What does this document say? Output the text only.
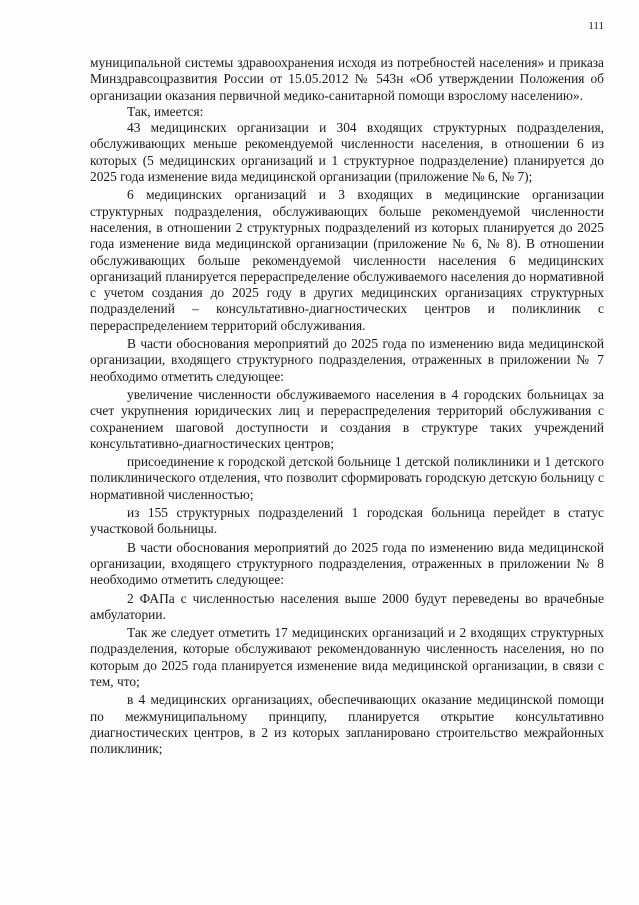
111

муниципальной системы здравоохранения исходя из потребностей населения» и приказа Минздравсоцразвития России от 15.05.2012 № 543н «Об утверждении Положения об организации оказания первичной медико-санитарной помощи взрослому населению».

Так, имеется:

43 медицинских организации и 304 входящих структурных подразделения, обслуживающих меньше рекомендуемой численности населения, в отношении 6 из которых (5 медицинских организаций и 1 структурное подразделение) планируется до 2025 года изменение вида медицинской организации (приложение № 6, № 7);

6 медицинских организаций и 3 входящих в медицинские организации структурных подразделения, обслуживающих больше рекомендуемой численности населения, в отношении 2 структурных подразделений из которых планируется до 2025 года изменение вида медицинской организации (приложение № 6, № 8). В отношении обслуживающих больше рекомендуемой численности населения 6 медицинских организаций планируется перераспределение обслуживаемого населения до нормативной с учетом создания до 2025 году в других медицинских организациях структурных подразделений – консультативно-диагностических центров и поликлиник с перераспределением территорий обслуживания.

В части обоснования мероприятий до 2025 года по изменению вида медицинской организации, входящего структурного подразделения, отраженных в приложении № 7 необходимо отметить следующее:

увеличение численности обслуживаемого населения в 4 городских больницах за счет укрупнения юридических лиц и перераспределения территорий обслуживания с сохранением шаговой доступности и создания в структуре таких учреждений консультативно-диагностических центров;

присоединение к городской детской больнице 1 детской поликлиники и 1 детского поликлинического отделения, что позволит сформировать городскую детскую больницу с нормативной численностью;

из 155 структурных подразделений 1 городская больница перейдет в статус участковой больницы.

В части обоснования мероприятий до 2025 года по изменению вида медицинской организации, входящего структурного подразделения, отраженных в приложении № 8 необходимо отметить следующее:

2 ФАПа с численностью населения выше 2000 будут переведены во врачебные амбулатории.

Так же следует отметить 17 медицинских организаций и 2 входящих структурных подразделения, которые обслуживают рекомендованную численность населения, но по которым до 2025 года планируется изменение вида медицинской организации, в связи с тем, что;

в 4 медицинских организациях, обеспечивающих оказание медицинской помощи по межмуниципальному принципу, планируется открытие консультативно диагностических центров, в 2 из которых запланировано строительство межрайонных поликлиник;
